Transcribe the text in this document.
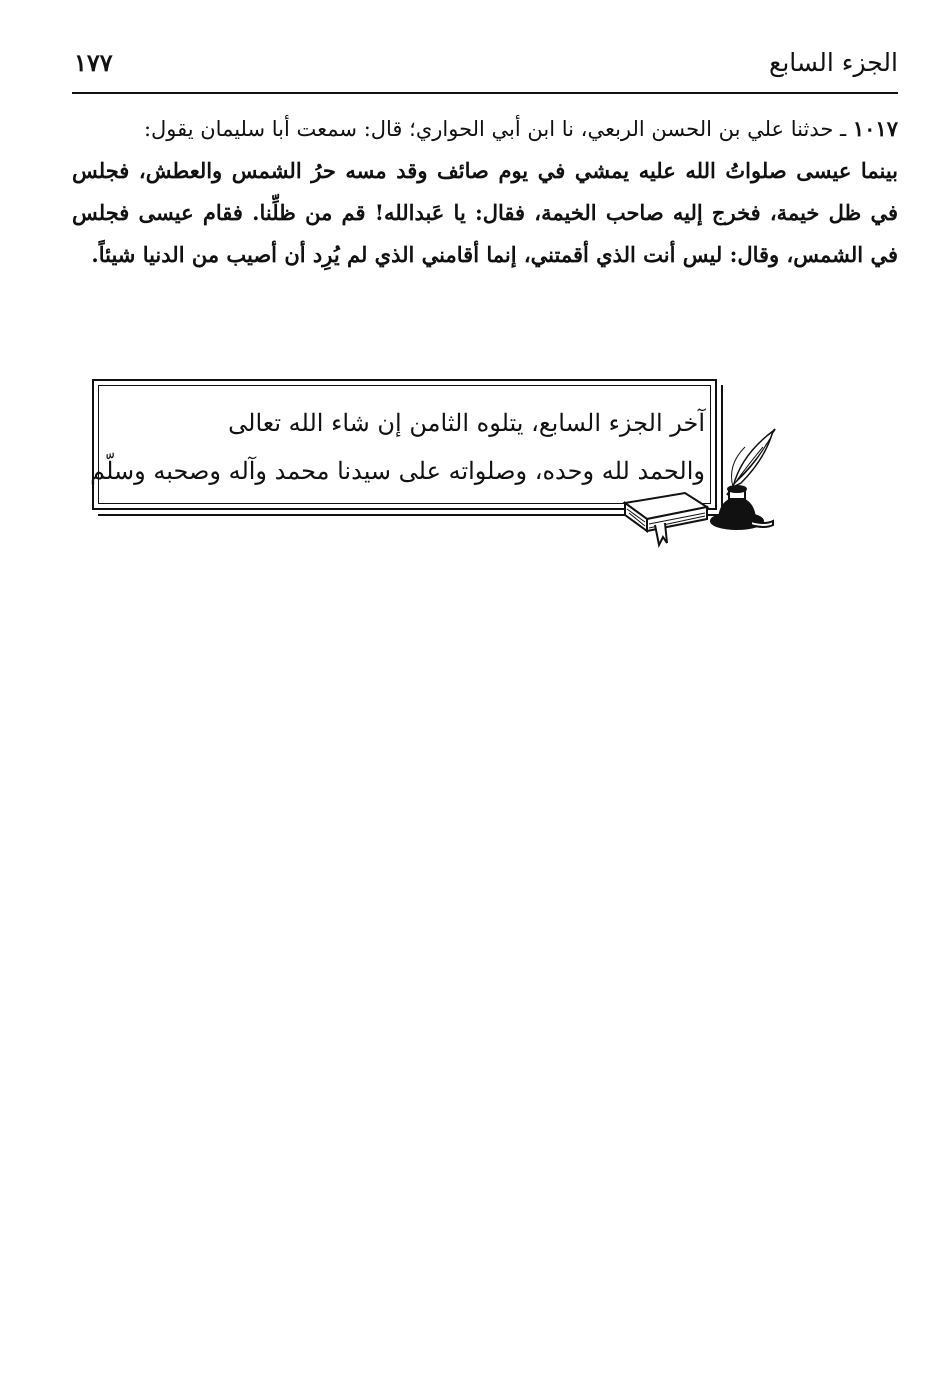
الجزء السابع
١٧٧

١٠١٧ ـ حدثنا علي بن الحسن الربعي، نا ابن أبي الحواري؛ قال: سمعت أبا سليمان يقول:

بينما عيسى صلواتُ الله عليه يمشي في يوم صائف وقد مسه حرُ الشمس والعطش، فجلس في ظل خيمة، فخرج إليه صاحب الخيمة، فقال: يا عَبدالله! قم من ظلِّنا. فقام عيسى فجلس في الشمس، وقال: ليس أنت الذي أقمتني، إنما أقامني الذي لم يُرِد أن أصيب من الدنيا شيئاً.

آخر الجزء السابع، يتلوه الثامن إن شاء الله تعالى
والحمد لله وحده، وصلواته على سيدنا محمد وآله وصحبه وسلّم
